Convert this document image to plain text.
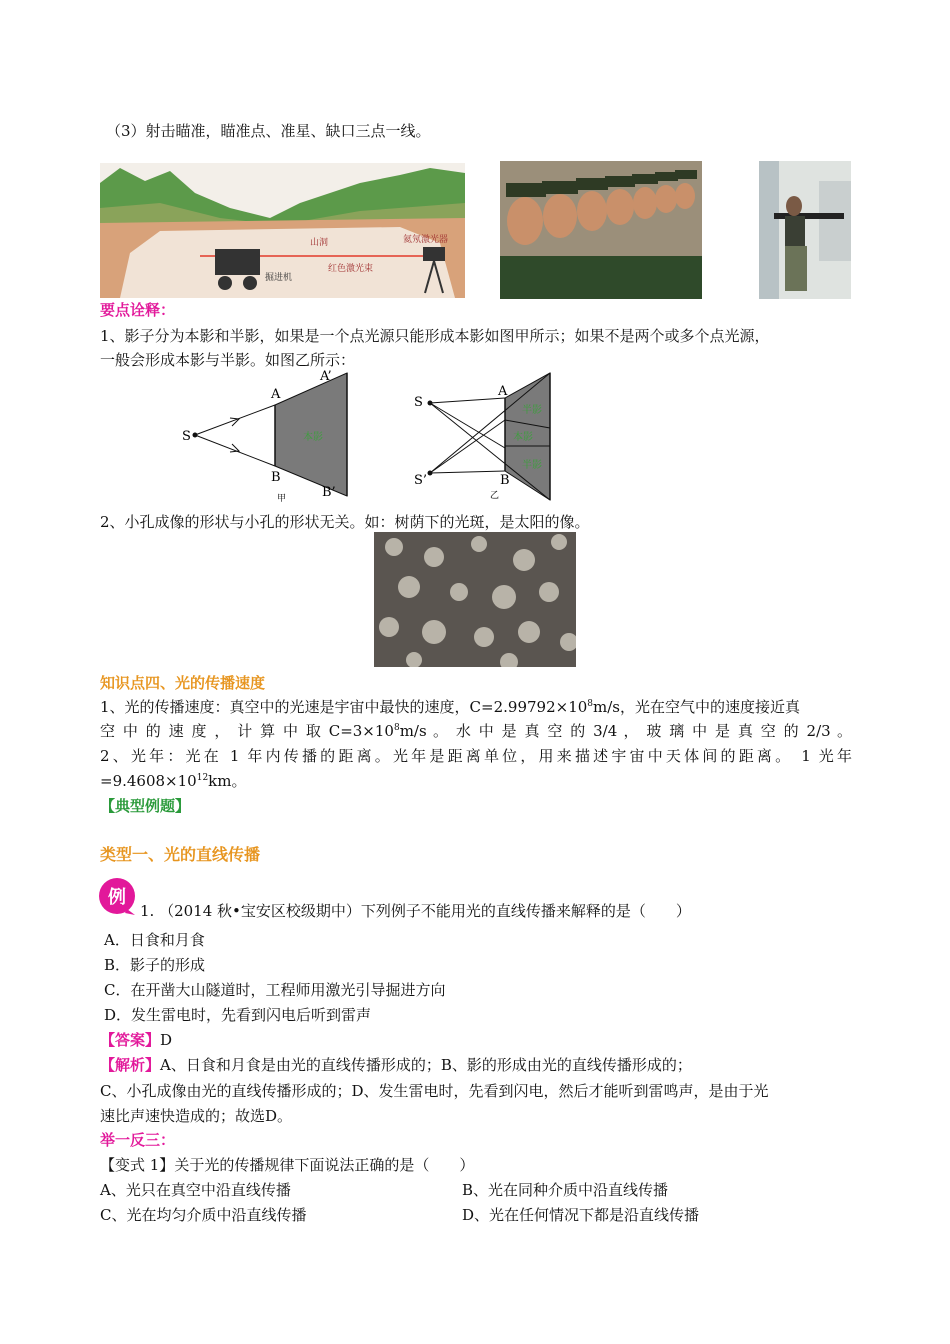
（3）射击瞄准，瞄准点、准星、缺口三点一线。
山洞
红色激光束
氦氖激光器
掘进机
要点诠释：
1、影子分为本影和半影，如果是一个点光源只能形成本影如图甲所示；如果不是两个或多个点光源，
一般会形成本影与半影。如图乙所示：
S
A
A’
B
B’
本影
甲
S
S’
A
B
半影
本影
半影
乙
2、小孔成像的形状与小孔的形状无关。如：树荫下的光斑，是太阳的像。
知识点四、光的传播速度
1、光的传播速度：真空中的光速是宇宙中最快的速度，$C=2.99792\times 10^8m/s$，光在空气中的速度接近真
空 中 的 速 度 ， 计 算 中 取 $C=3\times 10^8m/s$ 。 水 中 是 真 空 的 3/4 ， 玻 璃 中 是 真 空 的 2/3 。
2、光年：光在 1 年内传播的距离。光年是距离单位，用来描述宇宙中天体间的距离。 1 光年
$=9.4608\times 10^{12}km$。
【典型例题】
类型一、光的直线传播
例
1. （2014 秋•宝安区校级期中）下列例子不能用光的直线传播来解释的是（　　）
A．日食和月食
B．影子的形成
C．在开凿大山隧道时，工程师用激光引导掘进方向
D．发生雷电时，先看到闪电后听到雷声
【答案】D
【解析】A、日食和月食是由光的直线传播形成的；B、影的形成由光的直线传播形成的；
C、小孔成像由光的直线传播形成的；D、发生雷电时，先看到闪电，然后才能听到雷鸣声，是由于光
速比声速快造成的；故选D。
举一反三：
【变式 1】关于光的传播规律下面说法正确的是（　　）
A、光只在真空中沿直线传播	B、光在同种介质中沿直线传播
C、光在均匀介质中沿直线传播	D、光在任何情况下都是沿直线传播
